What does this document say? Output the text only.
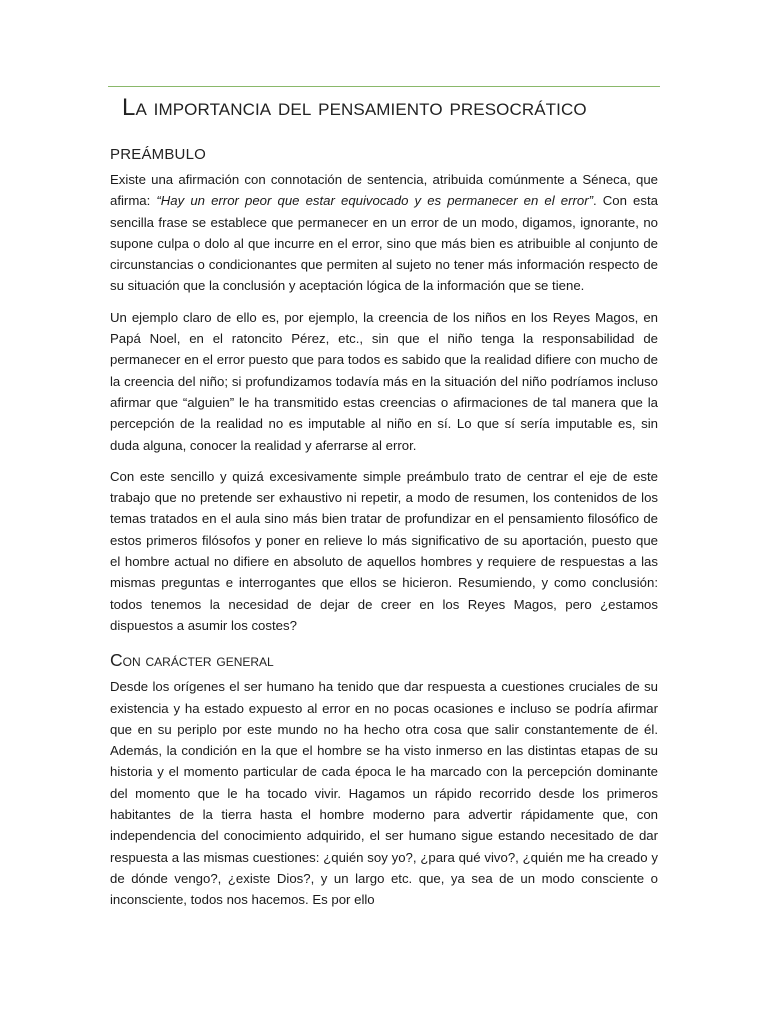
La importancia del pensamiento presocrático
PREÁMBULO

Existe una afirmación con connotación de sentencia, atribuida comúnmente a Séneca, que afirma: “Hay un error peor que estar equivocado y es permanecer en el error”. Con esta sencilla frase se establece que permanecer en un error de un modo, digamos, ignorante, no supone culpa o dolo al que incurre en el error, sino que más bien es atribuible al conjunto de circunstancias o condicionantes que permiten al sujeto no tener más información respecto de su situación que la conclusión y aceptación lógica de la información que se tiene.

Un ejemplo claro de ello es, por ejemplo, la creencia de los niños en los Reyes Magos, en Papá Noel, en el ratoncito Pérez, etc., sin que el niño tenga la responsabilidad de permanecer en el error puesto que para todos es sabido que la realidad difiere con mucho de la creencia del niño; si profundizamos todavía más en la situación del niño podríamos incluso afirmar que “alguien” le ha transmitido estas creencias o afirmaciones de tal manera que la percepción de la realidad no es imputable al niño en sí. Lo que sí sería imputable es, sin duda alguna, conocer la realidad y aferrarse al error.

Con este sencillo y quizá excesivamente simple preámbulo trato de centrar el eje de este trabajo que no pretende ser exhaustivo ni repetir, a modo de resumen, los contenidos de los temas tratados en el aula sino más bien tratar de profundizar en el pensamiento filosófico de estos primeros filósofos y poner en relieve lo más significativo de su aportación, puesto que el hombre actual no difiere en absoluto de aquellos hombres y requiere de respuestas a las mismas preguntas e interrogantes que ellos se hicieron. Resumiendo, y como conclusión: todos tenemos la necesidad de dejar de creer en los Reyes Magos, pero ¿estamos dispuestos a asumir los costes?

Con carácter general

Desde los orígenes el ser humano ha tenido que dar respuesta a cuestiones cruciales de su existencia y ha estado expuesto al error en no pocas ocasiones e incluso se podría afirmar que en su periplo por este mundo no ha hecho otra cosa que salir constantemente de él. Además, la condición en la que el hombre se ha visto inmerso en las distintas etapas de su historia y el momento particular de cada época le ha marcado con la percepción dominante del momento que le ha tocado vivir. Hagamos un rápido recorrido desde los primeros habitantes de la tierra hasta el hombre moderno para advertir rápidamente que, con independencia del conocimiento adquirido, el ser humano sigue estando necesitado de dar respuesta a las mismas cuestiones: ¿quién soy yo?, ¿para qué vivo?, ¿quién me ha creado y de dónde vengo?, ¿existe Dios?, y un largo etc. que, ya sea de un modo consciente o inconsciente, todos nos hacemos. Es por ello
